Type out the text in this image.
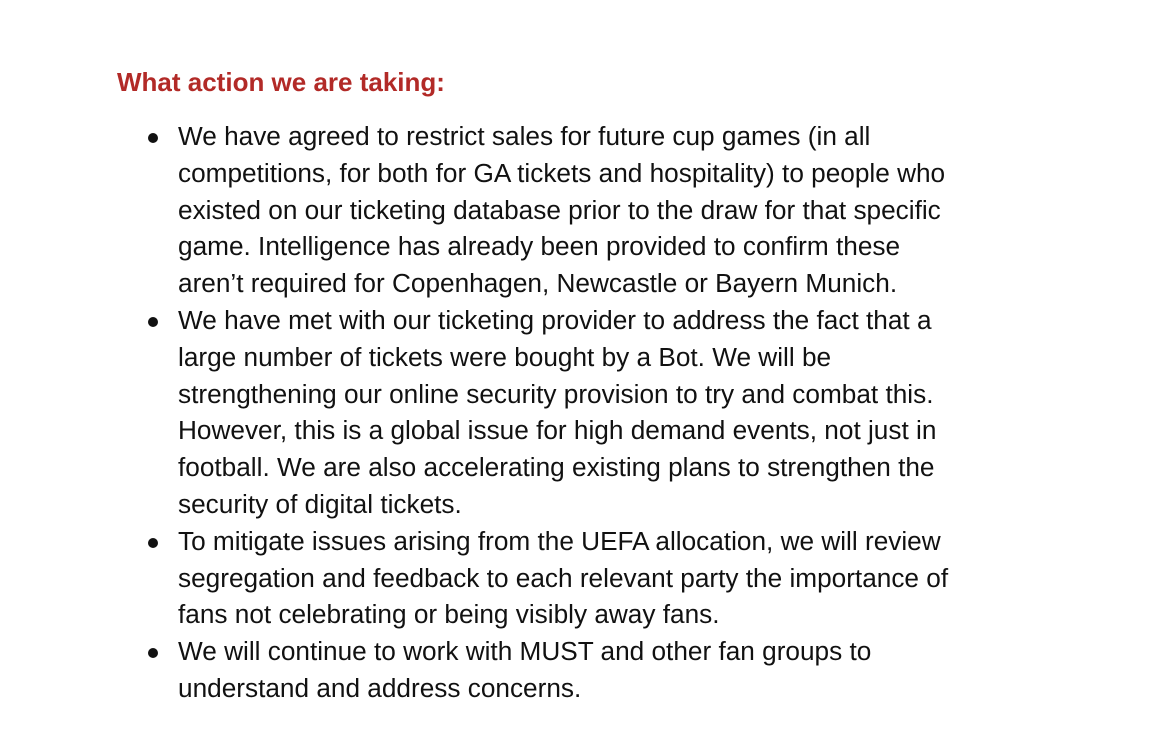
What action we are taking:
We have agreed to restrict sales for future cup games (in all
competitions, for both for GA tickets and hospitality) to people who
existed on our ticketing database prior to the draw for that specific
game. Intelligence has already been provided to confirm these
aren’t required for Copenhagen, Newcastle or Bayern Munich.
We have met with our ticketing provider to address the fact that a
large number of tickets were bought by a Bot. We will be
strengthening our online security provision to try and combat this.
However, this is a global issue for high demand events, not just in
football. We are also accelerating existing plans to strengthen the
security of digital tickets.
To mitigate issues arising from the UEFA allocation, we will review
segregation and feedback to each relevant party the importance of
fans not celebrating or being visibly away fans.
We will continue to work with MUST and other fan groups to
understand and address concerns.
